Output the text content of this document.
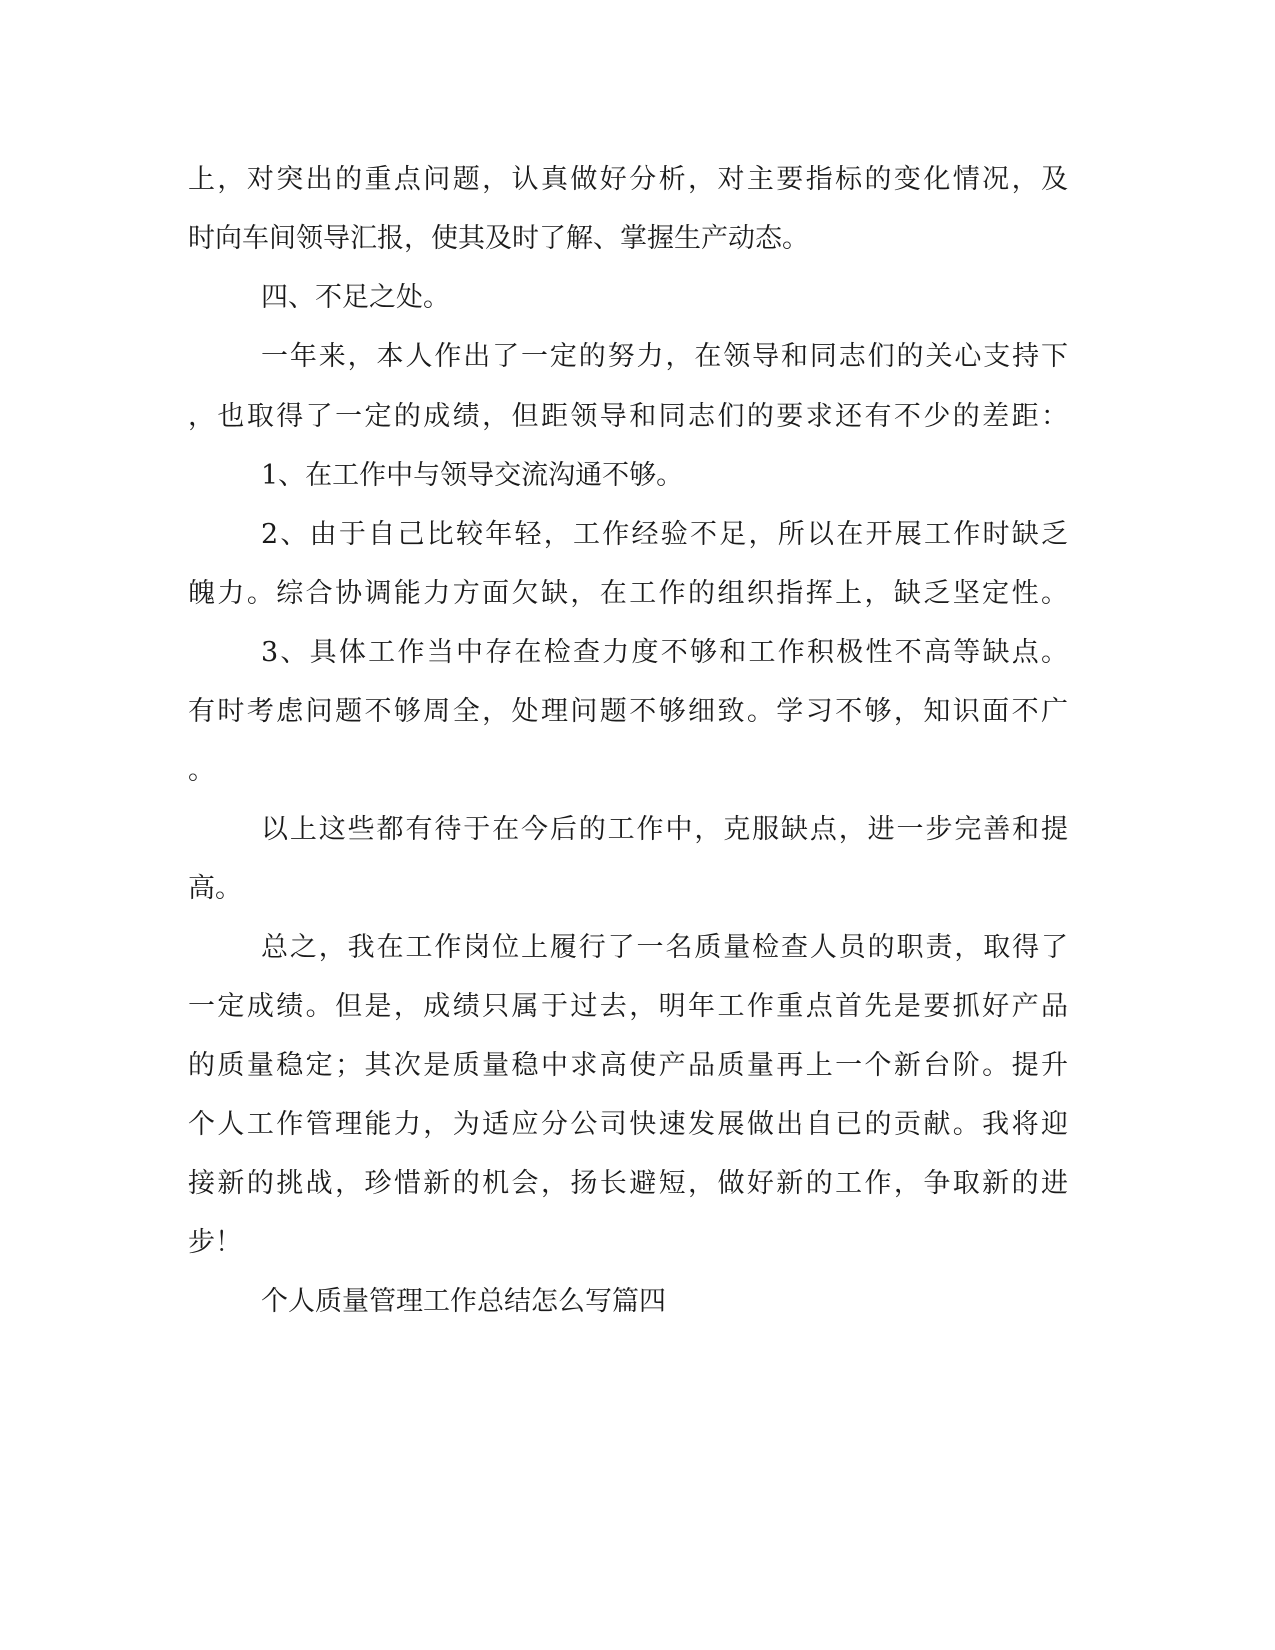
上，对突出的重点问题，认真做好分析，对主要指标的变化情况，及
时向车间领导汇报，使其及时了解、掌握生产动态。
四、不足之处。
一年来，本人作出了一定的努力，在领导和同志们的关心支持下
，也取得了一定的成绩，但距领导和同志们的要求还有不少的差距：
1、在工作中与领导交流沟通不够。
2、由于自己比较年轻，工作经验不足，所以在开展工作时缺乏
魄力。综合协调能力方面欠缺，在工作的组织指挥上，缺乏坚定性。
3、具体工作当中存在检查力度不够和工作积极性不高等缺点。
有时考虑问题不够周全，处理问题不够细致。学习不够，知识面不广
。
以上这些都有待于在今后的工作中，克服缺点，进一步完善和提
高。
总之，我在工作岗位上履行了一名质量检查人员的职责，取得了
一定成绩。但是，成绩只属于过去，明年工作重点首先是要抓好产品
的质量稳定；其次是质量稳中求高使产品质量再上一个新台阶。提升
个人工作管理能力，为适应分公司快速发展做出自已的贡献。我将迎
接新的挑战，珍惜新的机会，扬长避短，做好新的工作，争取新的进
步！
个人质量管理工作总结怎么写篇四
